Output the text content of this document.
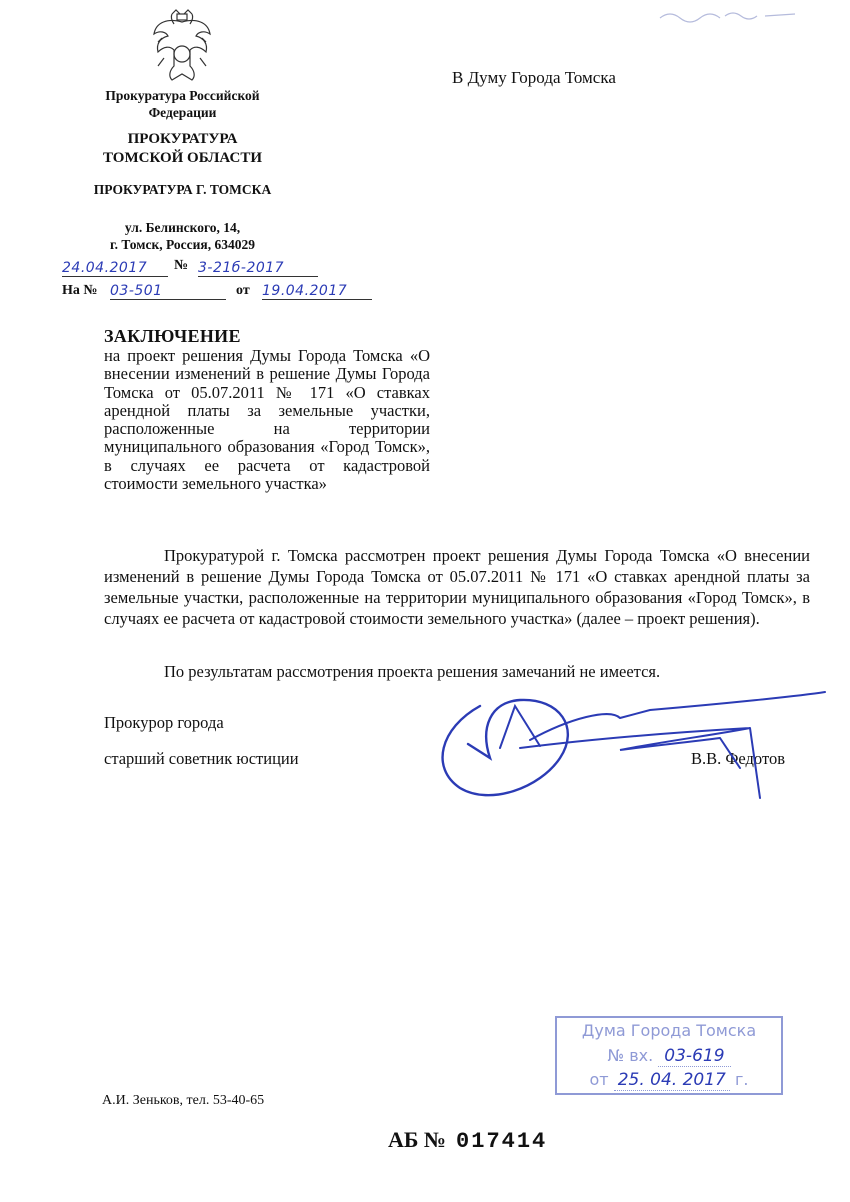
Прокуратура Российской
Федерации
ПРОКУРАТУРА
ТОМСКОЙ ОБЛАСТИ
ПРОКУРАТУРА Г. ТОМСКА
ул. Белинского, 14,
г. Томск, Россия, 634029
24.04.2017	№ 3-21б-2017
На № 03-501	от 19.04.2017
В Думу Города Томска
ЗАКЛЮЧЕНИЕ
на проект решения Думы Города Томска «О внесении изменений в решение Думы Города Томска от 05.07.2011 № 171 «О ставках арендной платы за земельные участки, расположенные на территории муниципального образования «Город Томск», в случаях ее расчета от кадастровой стоимости земельного участка»
Прокуратурой г. Томска рассмотрен проект решения Думы Города Томска «О внесении изменений в решение Думы Города Томска от 05.07.2011 № 171 «О ставках арендной платы за земельные участки, расположенные на территории муниципального образования «Город Томск», в случаях ее расчета от кадастровой стоимости земельного участка» (далее – проект решения).
По результатам рассмотрения проекта решения замечаний не имеется.
Прокурор города
старший советник юстиции	В.В. Федотов
Дума Города Томска
№ вх. 03-619
от 25. 04. 2017 г.
А.И. Зеньков, тел. 53-40-65
АБ № 017414
